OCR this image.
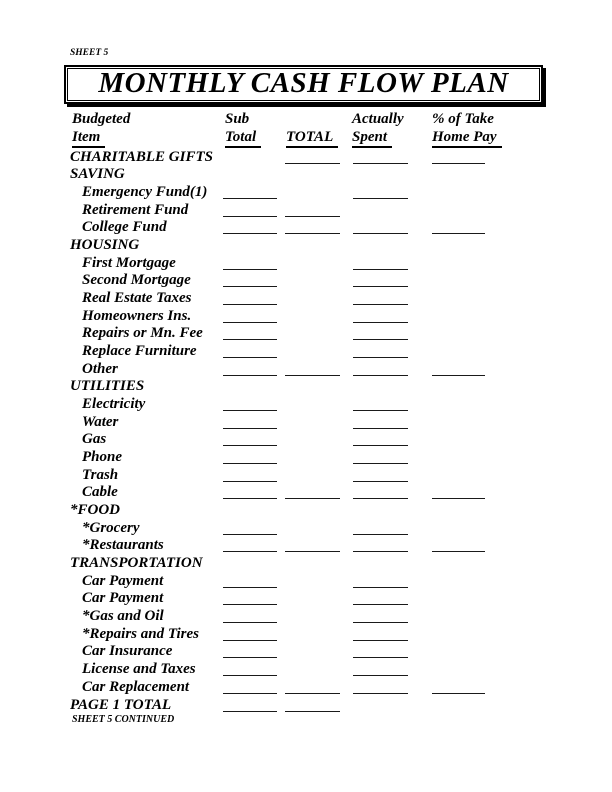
SHEET 5
MONTHLY CASH FLOW PLAN
Budgeted
Item
Sub
Total	TOTAL
Actually
Spent
% of Take
Home Pay
CHARITABLE GIFTS
SAVING
Emergency Fund(1)
Retirement Fund
College Fund
HOUSING
First Mortgage
Second Mortgage
Real Estate Taxes
Homeowners Ins.
Repairs or Mn. Fee
Replace Furniture
Other
UTILITIES
Electricity
Water
Gas
Phone
Trash
Cable
*FOOD
*Grocery
*Restaurants
TRANSPORTATION
Car Payment
Car Payment
*Gas and Oil
*Repairs and Tires
Car Insurance
License and Taxes
Car Replacement
PAGE 1 TOTAL
SHEET 5 CONTINUED
